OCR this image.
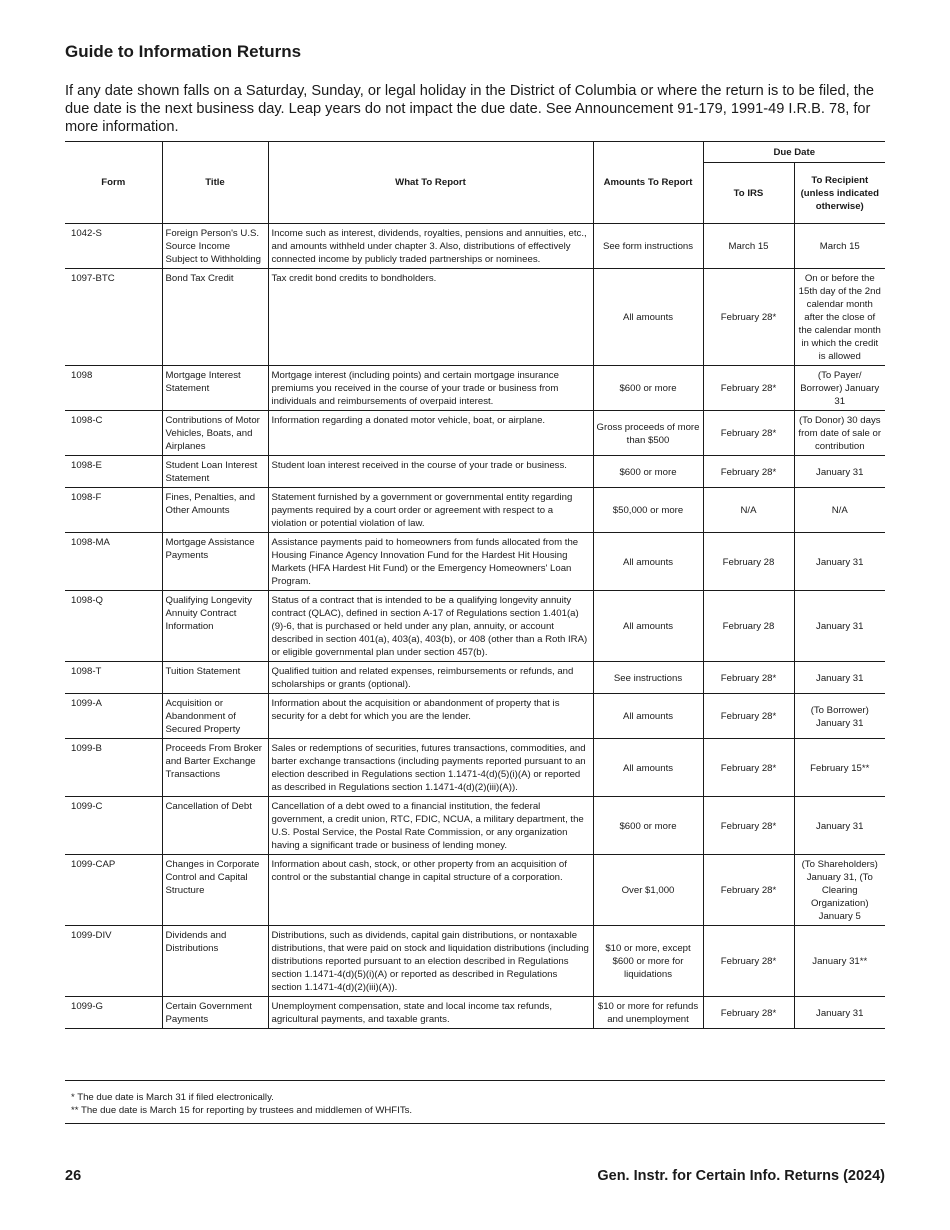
Guide to Information Returns

If any date shown falls on a Saturday, Sunday, or legal holiday in the District of Columbia or where the return is to be filed, the due date is the next business day. Leap years do not impact the due date. See Announcement 91-179, 1991-49 I.R.B. 78, for more information.

Form	Title	What To Report	Amounts To Report	Due Date	
				To IRS	To Recipient (unless indicated otherwise)
1042-S	Foreign Person's U.S. Source Income Subject to Withholding	Income such as interest, dividends, royalties, pensions and annuities, etc., and amounts withheld under chapter 3. Also, distributions of effectively connected income by publicly traded partnerships or nominees.	See form instructions	March 15	March 15
1097-BTC	Bond Tax Credit	Tax credit bond credits to bondholders.	All amounts	February 28*	On or before the 15th day of the 2nd calendar month after the close of the calendar month in which the credit is allowed
1098	Mortgage Interest Statement	Mortgage interest (including points) and certain mortgage insurance premiums you received in the course of your trade or business from individuals and reimbursements of overpaid interest.	$600 or more	February 28*	(To Payer/ Borrower) January 31
1098-C	Contributions of Motor Vehicles, Boats, and Airplanes	Information regarding a donated motor vehicle, boat, or airplane.	Gross proceeds of more than $500	February 28*	(To Donor) 30 days from date of sale or contribution
1098-E	Student Loan Interest Statement	Student loan interest received in the course of your trade or business.	$600 or more	February 28*	January 31
1098-F	Fines, Penalties, and Other Amounts	Statement furnished by a government or governmental entity regarding payments required by a court order or agreement with respect to a violation or potential violation of law.	$50,000 or more	N/A	N/A
1098-MA	Mortgage Assistance Payments	Assistance payments paid to homeowners from funds allocated from the Housing Finance Agency Innovation Fund for the Hardest Hit Housing Markets (HFA Hardest Hit Fund) or the Emergency Homeowners' Loan Program.	All amounts	February 28	January 31
1098-Q	Qualifying Longevity Annuity Contract Information	Status of a contract that is intended to be a qualifying longevity annuity contract (QLAC), defined in section A-17 of Regulations section 1.401(a)(9)-6, that is purchased or held under any plan, annuity, or account described in section 401(a), 403(a), 403(b), or 408 (other than a Roth IRA) or eligible governmental plan under section 457(b).	All amounts	February 28	January 31
1098-T	Tuition Statement	Qualified tuition and related expenses, reimbursements or refunds, and scholarships or grants (optional).	See instructions	February 28*	January 31
1099-A	Acquisition or Abandonment of Secured Property	Information about the acquisition or abandonment of property that is security for a debt for which you are the lender.	All amounts	February 28*	(To Borrower) January 31
1099-B	Proceeds From Broker and Barter Exchange Transactions	Sales or redemptions of securities, futures transactions, commodities, and barter exchange transactions (including payments reported pursuant to an election described in Regulations section 1.1471-4(d)(5)(i)(A) or reported as described in Regulations section 1.1471-4(d)(2)(iii)(A)).	All amounts	February 28*	February 15**
1099-C	Cancellation of Debt	Cancellation of a debt owed to a financial institution, the federal government, a credit union, RTC, FDIC, NCUA, a military department, the U.S. Postal Service, the Postal Rate Commission, or any organization having a significant trade or business of lending money.	$600 or more	February 28*	January 31
1099-CAP	Changes in Corporate Control and Capital Structure	Information about cash, stock, or other property from an acquisition of control or the substantial change in capital structure of a corporation.	Over $1,000	February 28*	(To Shareholders) January 31, (To Clearing Organization) January 5
1099-DIV	Dividends and Distributions	Distributions, such as dividends, capital gain distributions, or nontaxable distributions, that were paid on stock and liquidation distributions (including distributions reported pursuant to an election described in Regulations section 1.1471-4(d)(5)(i)(A) or reported as described in Regulations section 1.1471-4(d)(2)(iii)(A)).	$10 or more, except $600 or more for liquidations	February 28*	January 31**
1099-G	Certain Government Payments	Unemployment compensation, state and local income tax refunds, agricultural payments, and taxable grants.	$10 or more for refunds and unemployment	February 28*	January 31
* The due date is March 31 if filed electronically.
** The due date is March 15 for reporting by trustees and middlemen of WHFITs.
26	Gen. Instr. for Certain Info. Returns (2024)
